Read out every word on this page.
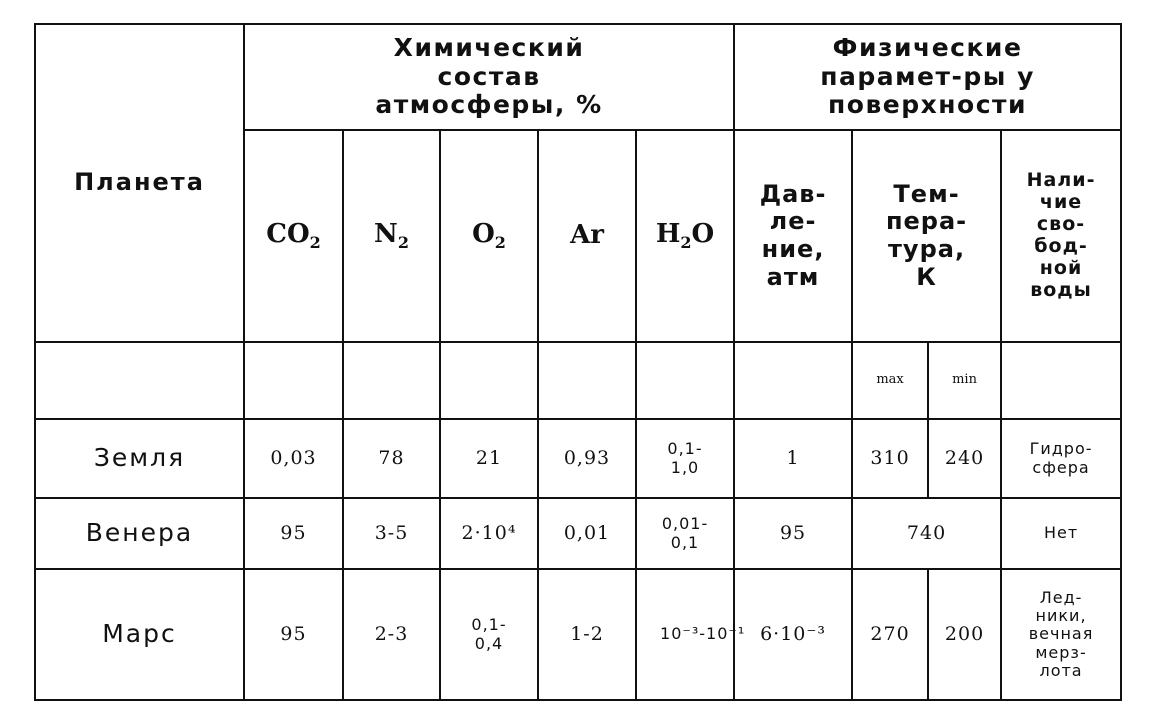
Планета	Химический состав атмосферы, %					Физические парамет-ры у поверхности			

	$CO_2$	$N_2$	$O_2$	Ar	$H_2O$	Дав-ле-ние, атм	Тем-пера-тура, К		Нали-чие сво-бод-ной воды

							max	min	
Земля	0,03	78	21	0,93	0,1-1,0	1	310	240	Гидро-сфера

Венера	95	3-5	2·10⁴	0,01	0,01-0,1	95	740		Нет
Марс	95	2-3	0,1-0,4	1-2	10⁻³-10⁻¹	6·10⁻³	270	200	Лед-ники, вечная мерз-лота
